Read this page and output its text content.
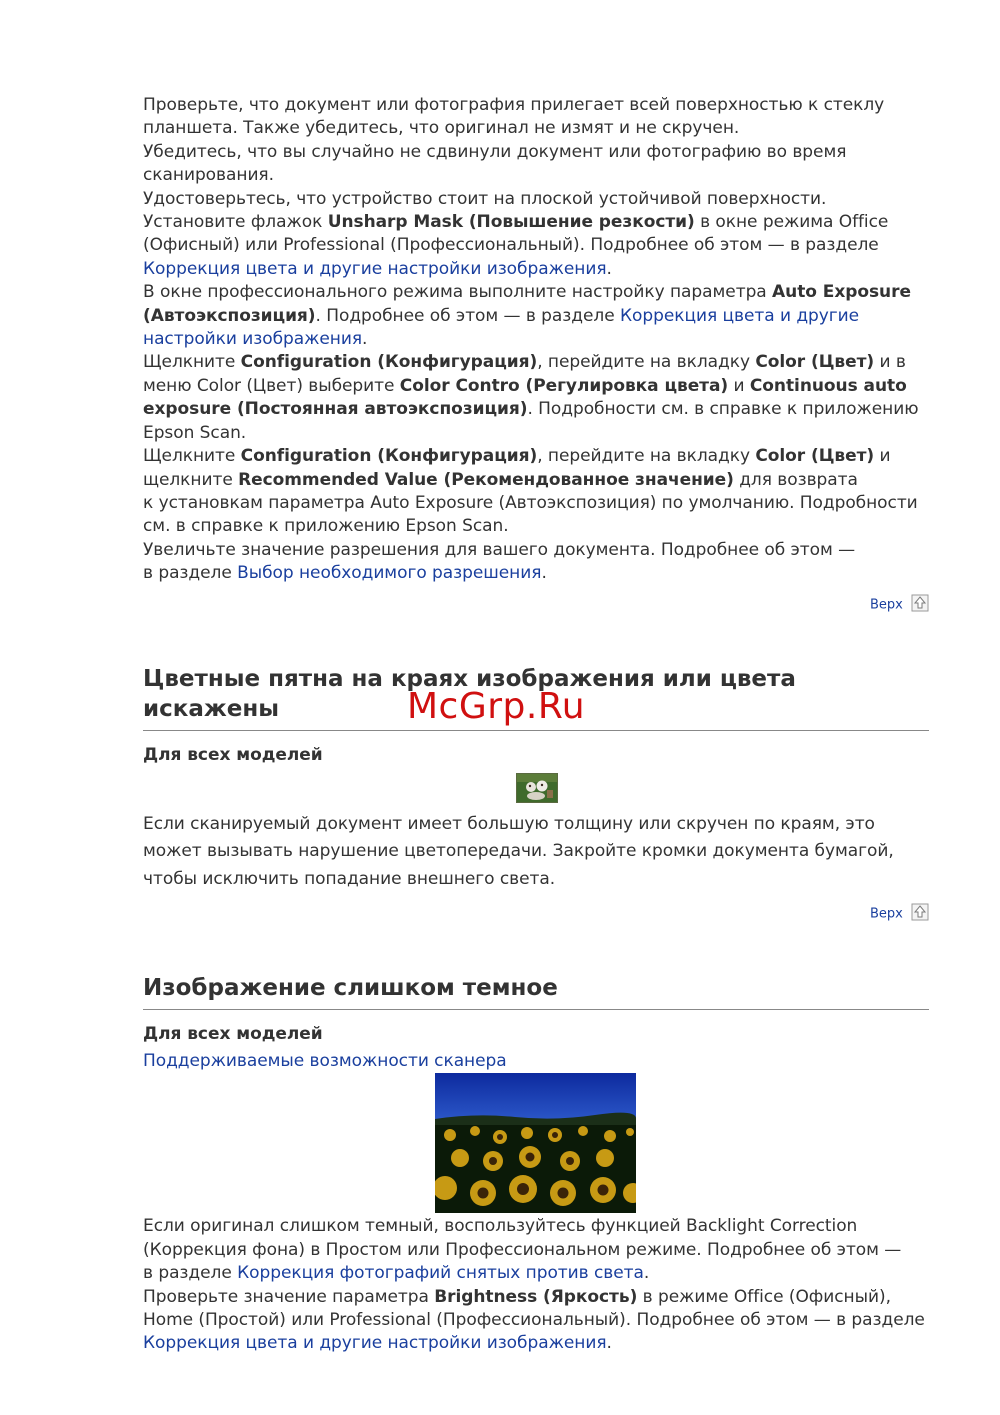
Проверьте, что документ или фотография прилегает всей поверхностью к стеклу

планшета. Также убедитесь, что оригинал не измят и не скручен.

Убедитесь, что вы случайно не сдвинули документ или фотографию во время

сканирования.

Удостоверьтесь, что устройство стоит на плоской устойчивой поверхности.

Установите флажок Unsharp Mask (Повышение резкости) в окне режима Office

(Офисный) или Professional (Профессиональный). Подробнее об этом — в разделе

Коррекция цвета и другие настройки изображения.

В окне профессионального режима выполните настройку параметра Auto Exposure

(Автоэкспозиция). Подробнее об этом — в разделе Коррекция цвета и другие

настройки изображения.

Щелкните Configuration (Конфигурация), перейдите на вкладку Color (Цвет) и в

меню Color (Цвет) выберите Color Contro (Регулировка цвета) и Continuous auto

exposure (Постоянная автоэкспозиция). Подробности см. в справке к приложению

Epson Scan.

Щелкните Configuration (Конфигурация), перейдите на вкладку Color (Цвет) и

щелкните Recommended Value (Рекомендованное значение) для возврата

к установкам параметра Auto Exposure (Автоэкспозиция) по умолчанию. Подробности

см. в справке к приложению Epson Scan.

Увеличьте значение разрешения для вашего документа. Подробнее об этом —

в разделе Выбор необходимого разрешения.

Верх
Цветные пятна на краях изображения или цвета искажены

Для всех моделей

Если сканируемый документ имеет большую толщину или скручен по краям, это

может вызывать нарушение цветопередачи. Закройте кромки документа бумагой,

чтобы исключить попадание внешнего света.

Верх
Изображение слишком темное

Для всех моделей

Поддерживаемые возможности сканера

Если оригинал слишком темный, воспользуйтесь функцией Backlight Correction

(Коррекция фона) в Простом или Профессиональном режиме. Подробнее об этом —

в разделе Коррекция фотографий снятых против света.

Проверьте значение параметра Brightness (Яркость) в режиме Office (Офисный),

Home (Простой) или Professional (Профессиональный). Подробнее об этом — в разделе

Коррекция цвета и другие настройки изображения.

McGrp.Ru
